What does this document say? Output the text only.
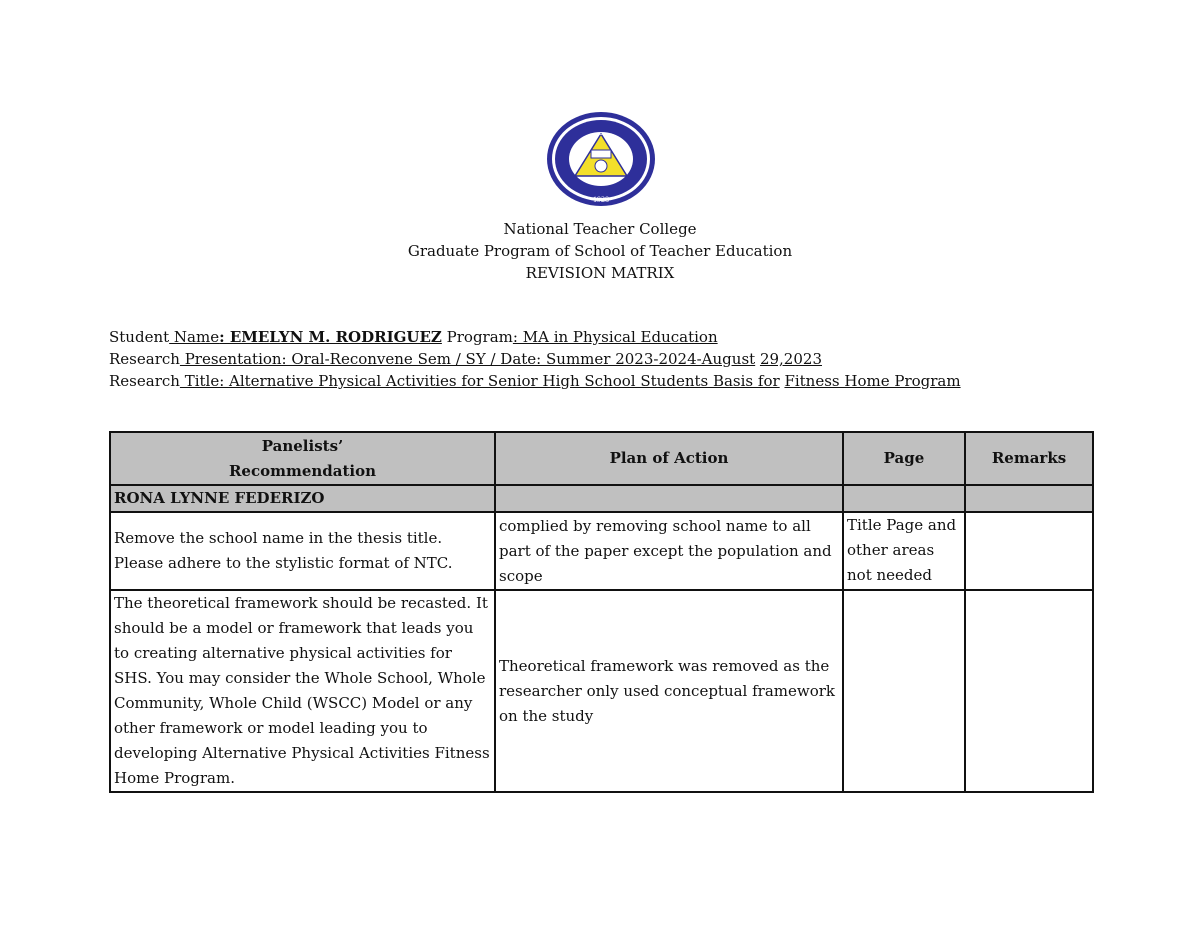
1928
National Teacher College
Graduate Program of School of Teacher Education
REVISION MATRIX
Student Name: EMELYN M. RODRIGUEZ Program: MA in Physical Education
Research Presentation: Oral-Reconvene Sem / SY / Date: Summer 2023-2024-August 29,2023
Research Title: Alternative Physical Activities for Senior High School Students Basis for Fitness Home Program
Panelists’
Recommendation	Plan of Action	Page	Remarks
RONA LYNNE FEDERIZO			
Remove the school name in the thesis title. Please adhere to the stylistic format of NTC.	complied by removing school name to all part of the paper except the population and scope	Title Page and other areas not needed	
The theoretical framework should be recasted. It should be a model or framework that leads you to creating alternative physical activities for SHS. You may consider the Whole School, Whole Community, Whole Child (WSCC) Model or any other framework or model leading you to developing Alternative Physical Activities Fitness Home Program.	Theoretical framework was removed as the researcher only used conceptual framework on the study		
